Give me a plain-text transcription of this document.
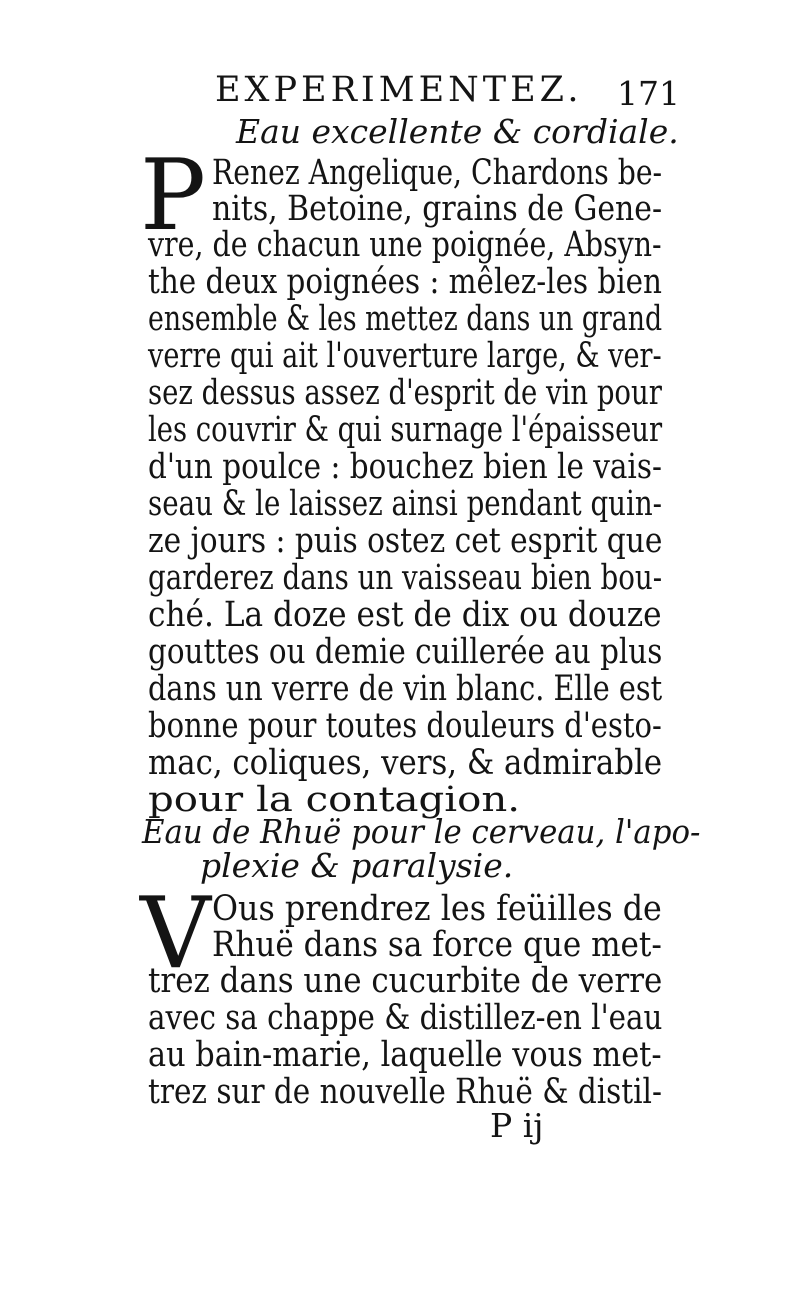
EXPERIMENTEZ. 171
Eau excellente & cordiale.
P Renez Angelique, Chardons be-
nits, Betoine, grains de Gene-
vre, de chacun une poignée, Absyn-
the deux poignées : mêlez-les bien
ensemble & les mettez dans un grand
verre qui ait l'ouverture large, & ver-
sez dessus assez d'esprit de vin pour
les couvrir & qui surnage l'épaisseur
d'un poulce : bouchez bien le vais-
seau & le laissez ainsi pendant quin-
ze jours : puis ostez cet esprit que
garderez dans un vaisseau bien bou-
ché. La doze est de dix ou douze
gouttes ou demie cuillerée au plus
dans un verre de vin blanc. Elle est
bonne pour toutes douleurs d'esto-
mac, coliques, vers, & admirable
pour la contagion.
Eau de Rhuë pour le cerveau, l'apo-
plexie & paralysie.
V Ous prendrez les feüilles de
Rhuë dans sa force que met-
trez dans une cucurbite de verre
avec sa chappe & distillez-en l'eau
au bain-marie, laquelle vous met-
trez sur de nouvelle Rhuë & distil-
P ij
